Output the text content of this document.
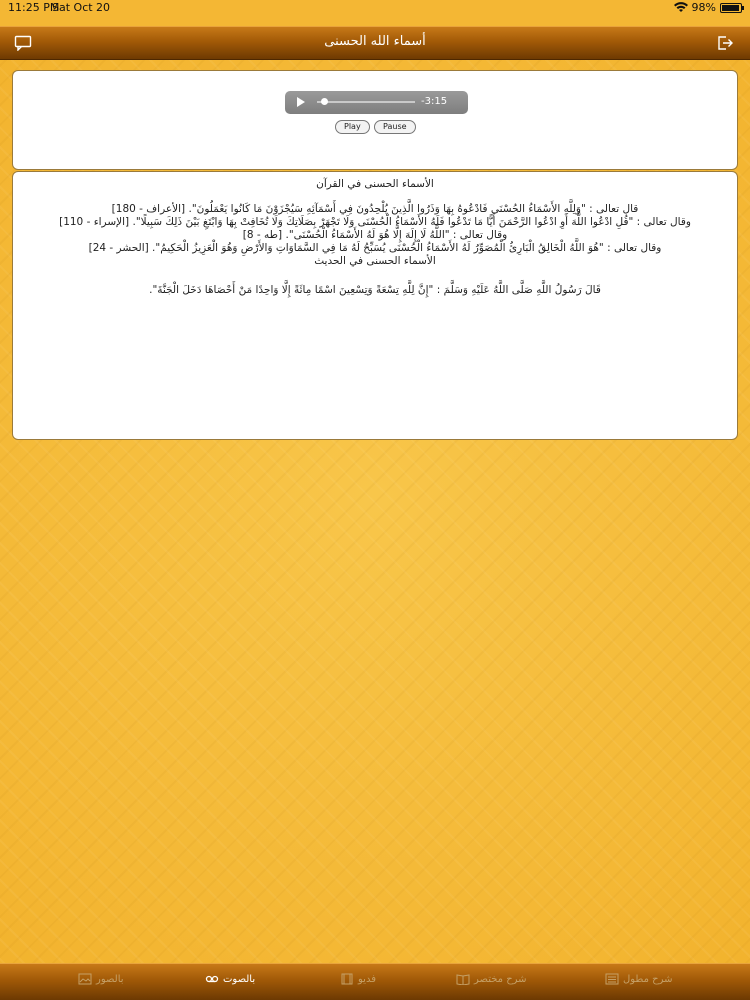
11:25 PM
Sat Oct 20	98%
أسماء الله الحسنى
-3:15
Play	Pause
الأسماء الحسنى في القرآن
قال تعالى : "وَلِلَّهِ الأَسْمَاءُ الحُسْنَى فَادْعُوهُ بِهَا وَذَرُوا الَّذِينَ يُلْحِدُونَ فِي أَسْمَآئِهِ سَيُجْزَوْنَ مَا كَانُوا يَعْمَلُونَ". [الأعراف - 180]
وقال تعالى : "قُلِ ادْعُوا اللَّهَ أَوِ ادْعُوا الرَّحْمَنَ أَيًّا مَا تَدْعُوا فَلَهُ الأَسْمَاءُ الْحُسْنَى وَلَا تَجْهَرْ بِصَلَاتِكَ وَلَا تُخَافِتْ بِهَا وَابْتَغِ بَيْنَ ذَلِكَ سَبِيلًا". [الإسراء - 110]
وقال تعالى : "اللَّهُ لَا إِلَهَ إِلَّا هُوَ لَهُ الأَسْمَاءُ الْحُسْنَى". [طه - 8]
وقال تعالى : "هُوَ اللَّهُ الْخَالِقُ الْبَارِئُ الْمُصَوِّرُ لَهُ الأَسْمَاءُ الْحُسْنَى يُسَبِّحُ لَهُ مَا فِي السَّمَاوَاتِ وَالأَرْضِ وَهُوَ الْعَزِيزُ الْحَكِيمُ". [الحشر - 24]
الأسماء الحسنى في الحديث
قَالَ رَسُولُ اللَّهِ صَلَّى اللَّهُ عَلَيْهِ وَسَلَّمَ : "إِنَّ لِلَّهِ تِسْعَةً وَتِسْعِينَ اسْمًا مِائَةً إِلَّا وَاحِدًا مَنْ أَحْصَاهَا دَخَلَ الْجَنَّةَ".
بالصور	بالصوت	فديو	شرح مختصر	شرح مطول
